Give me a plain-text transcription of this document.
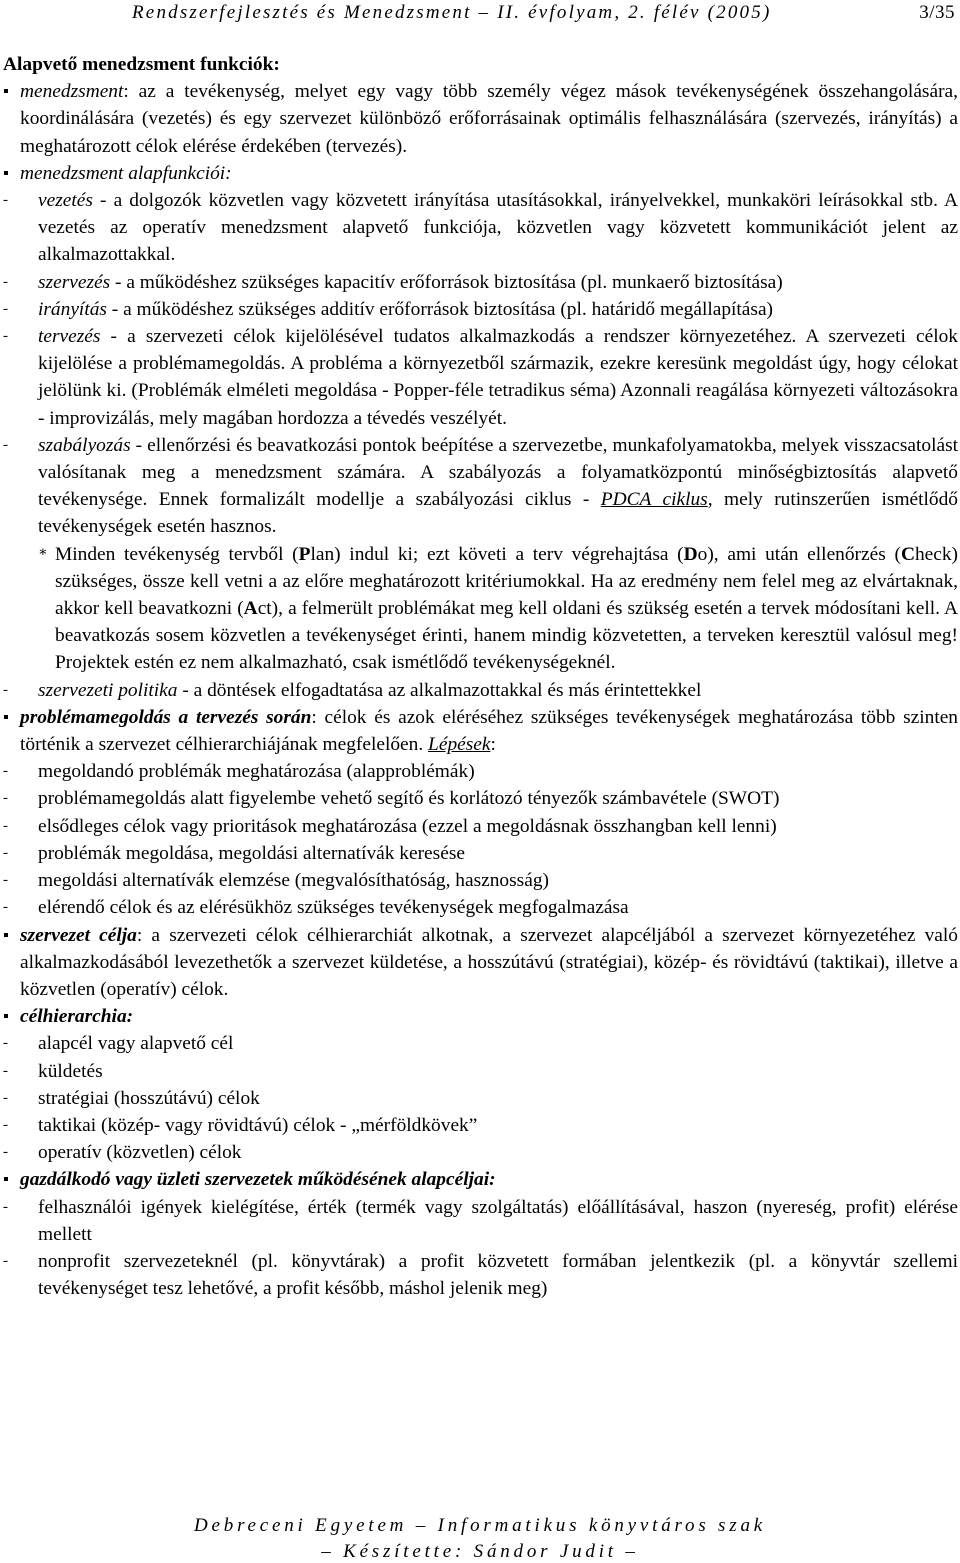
Rendszerfejlesztés és Menedzsment – II. évfolyam, 2. félév (2005)	3/35
Alapvető menedzsment funkciók:
menedzsment: az a tevékenység, melyet egy vagy több személy végez mások tevékenységének összehangolására, koordinálására (vezetés) és egy szervezet különböző erőforrásainak optimális felhasználására (szervezés, irányítás) a meghatározott célok elérése érdekében (tervezés).
menedzsment alapfunkciói:
-	vezetés - a dolgozók közvetlen vagy közvetett irányítása utasításokkal, irányelvekkel, munkaköri leírásokkal stb. A vezetés az operatív menedzsment alapvető funkciója, közvetlen vagy közvetett kommunikációt jelent az alkalmazottakkal.
-	szervezés - a működéshez szükséges kapacitív erőforrások biztosítása (pl. munkaerő biztosítása)
-	irányítás - a működéshez szükséges additív erőforrások biztosítása (pl. határidő megállapítása)
-	tervezés - a szervezeti célok kijelölésével tudatos alkalmazkodás a rendszer környezetéhez. A szervezeti célok kijelölése a problémamegoldás. A probléma a környezetből származik, ezekre keresünk megoldást úgy, hogy célokat jelölünk ki. (Problémák elméleti megoldása - Popper-féle tetradikus séma) Azonnali reagálása környezeti változásokra - improvizálás, mely magában hordozza a tévedés veszélyét.
-	szabályozás - ellenőrzési és beavatkozási pontok beépítése a szervezetbe, munkafolyamatokba, melyek visszacsatolást valósítanak meg a menedzsment számára. A szabályozás a folyamatközpontú minőségbiztosítás alapvető tevékenysége. Ennek formalizált modellje a szabályozási ciklus - PDCA ciklus, mely rutinszerűen ismétlődő tevékenységek esetén hasznos.
∗ Minden tevékenység tervből (Plan) indul ki; ezt követi a terv végrehajtása (Do), ami után ellenőrzés (Check) szükséges, össze kell vetni a az előre meghatározott kritériumokkal. Ha az eredmény nem felel meg az elvártaknak, akkor kell beavatkozni (Act), a felmerült problémákat meg kell oldani és szükség esetén a tervek módosítani kell. A beavatkozás sosem közvetlen a tevékenységet érinti, hanem mindig közvetetten, a terveken keresztül valósul meg! Projektek estén ez nem alkalmazható, csak ismétlődő tevékenységeknél.
-	szervezeti politika - a döntések elfogadtatása az alkalmazottakkal és más érintettekkel
problémamegoldás a tervezés során: célok és azok eléréséhez szükséges tevékenységek meghatározása több szinten történik a szervezet célhierarchiájának megfelelően. Lépések:
-	megoldandó problémák meghatározása (alapproblémák)
-	problémamegoldás alatt figyelembe vehető segítő és korlátozó tényezők számbavétele (SWOT)
-	elsődleges célok vagy prioritások meghatározása (ezzel a megoldásnak összhangban kell lenni)
-	problémák megoldása, megoldási alternatívák keresése
-	megoldási alternatívák elemzése (megvalósíthatóság, hasznosság)
-	elérendő célok és az elérésükhöz szükséges tevékenységek megfogalmazása
szervezet célja: a szervezeti célok célhierarchiát alkotnak, a szervezet alapcéljából a szervezet környezetéhez való alkalmazkodásából levezethetők a szervezet küldetése, a hosszútávú (stratégiai), közép- és rövidtávú (taktikai), illetve a közvetlen (operatív) célok.
célhierarchia:
-	alapcél vagy alapvető cél
-	küldetés
-	stratégiai (hosszútávú) célok
-	taktikai (közép- vagy rövidtávú) célok - „mérföldkövek”
-	operatív (közvetlen) célok
gazdálkodó vagy üzleti szervezetek működésének alapcéljai:
-	felhasználói igények kielégítése, érték (termék vagy szolgáltatás) előállításával, haszon (nyereség, profit) elérése mellett
-	nonprofit szervezeteknél (pl. könyvtárak) a profit közvetett formában jelentkezik (pl. a könyvtár szellemi tevékenységet tesz lehetővé, a profit később, máshol jelenik meg)
Debreceni Egyetem – Informatikus könyvtáros szak
– Készítette: Sándor Judit –
